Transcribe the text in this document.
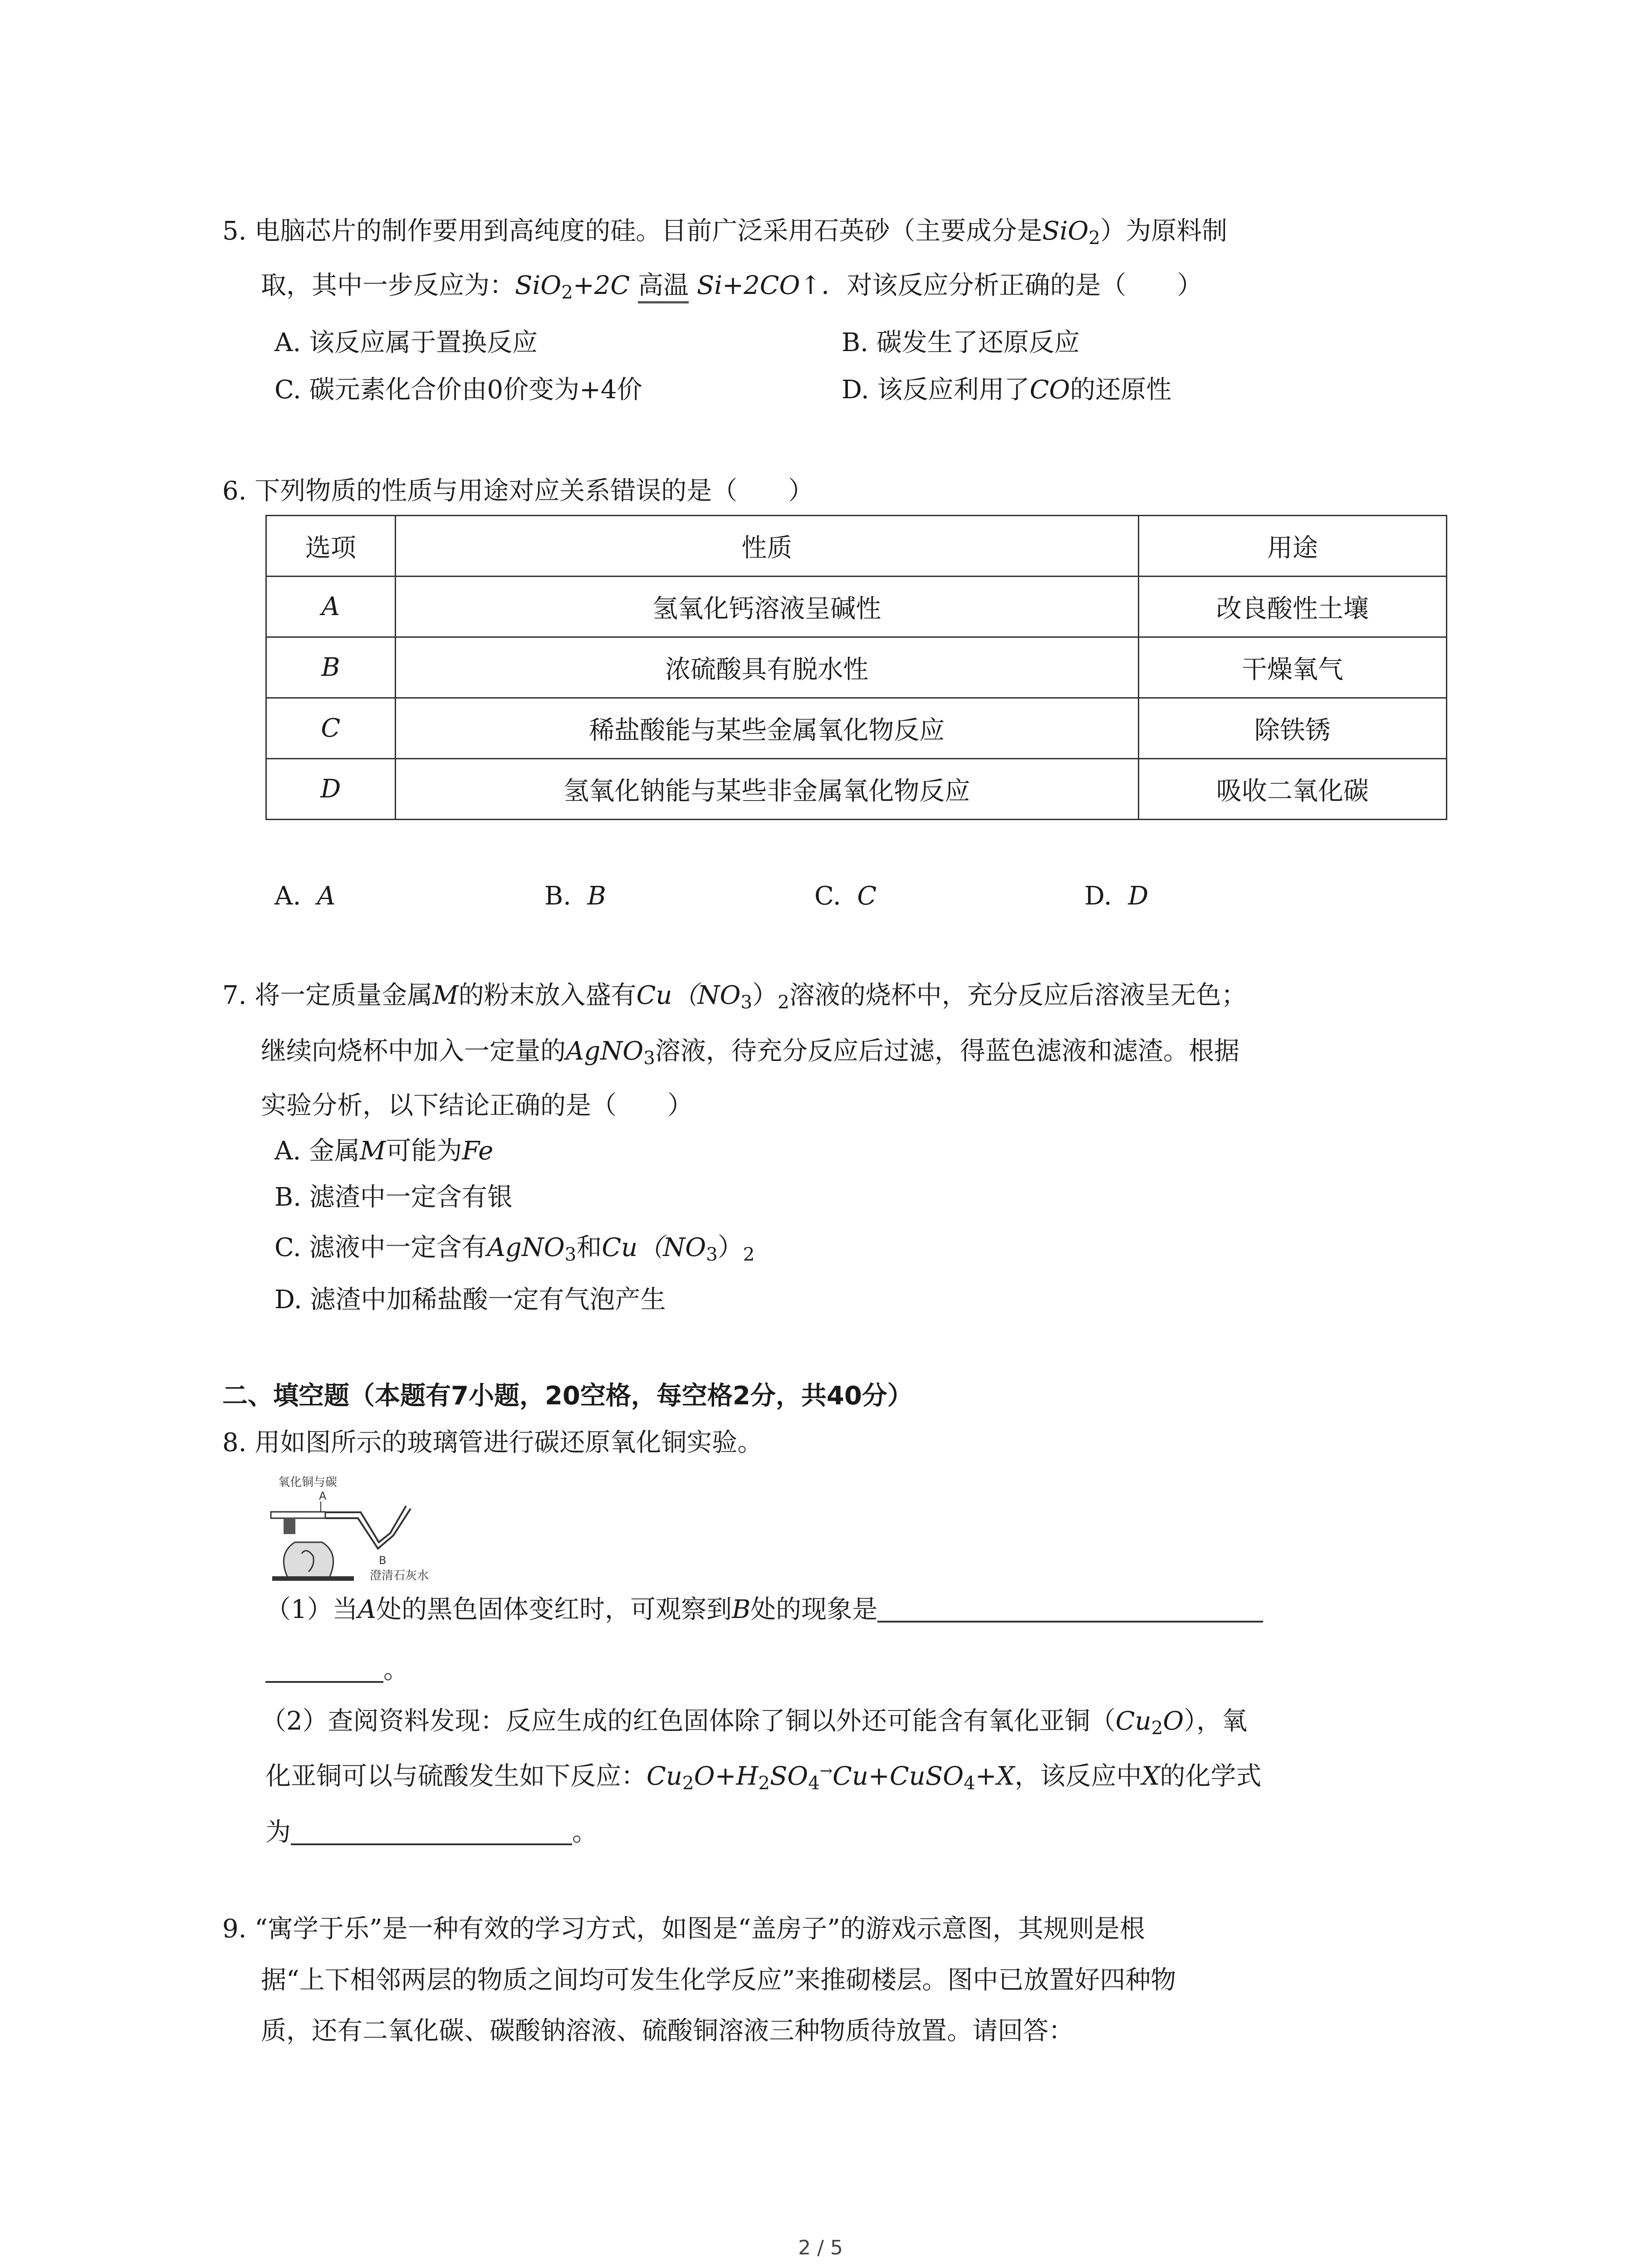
5. 电脑芯片的制作要用到高纯度的硅。目前广泛采用石英砂（主要成分是SiO$_2$）为原料制
取，其中一步反应为：SiO$_2$+2C 高温 Si+2CO↑．对该反应分析正确的是（　　）
A. 该反应属于置换反应	B. 碳发生了还原反应
C. 碳元素化合价由0价变为+4价	D. 该反应利用了CO的还原性
6. 下列物质的性质与用途对应关系错误的是（　　）
选项	性质	用途
A	氢氧化钙溶液呈碱性	改良酸性土壤
B	浓硫酸具有脱水性	干燥氧气
C	稀盐酸能与某些金属氧化物反应	除铁锈
D	氢氧化钠能与某些非金属氧化物反应	吸收二氧化碳
A. A	B. B	C. C	D. D
7. 将一定质量金属M的粉末放入盛有$Cu(NO_3)_2$溶液的烧杯中，充分反应后溶液呈无色；
继续向烧杯中加入一定量的AgNO$_3$溶液，待充分反应后过滤，得蓝色滤液和滤渣。根据
实验分析，以下结论正确的是（　　）
A. 金属M可能为Fe
B. 滤渣中一定含有银
C. 滤液中一定含有AgNO$_3$和$Cu(NO_3)_2$
D. 滤渣中加稀盐酸一定有气泡产生
二、填空题（本题有7小题，20空格，每空格2分，共40分）
8. 用如图所示的玻璃管进行碳还原氧化铜实验。
氧化铜与碳
A
B
澄清石灰水
（1）当A处的黑色固体变红时，可观察到B处的现象是
。
（2）查阅资料发现：反应生成的红色固体除了铜以外还可能含有氧化亚铜$(Cu_2O)$，氧
化亚铜可以与硫酸发生如下反应：$Cu_2O+H_2SO_4^\to Cu+CuSO_4+X$，该反应中X的化学式
为	。
9. “寓学于乐”是一种有效的学习方式，如图是“盖房子”的游戏示意图，其规则是根
据“上下相邻两层的物质之间均可发生化学反应”来推砌楼层。图中已放置好四种物
质，还有二氧化碳、碳酸钠溶液、硫酸铜溶液三种物质待放置。请回答：
2 / 5
